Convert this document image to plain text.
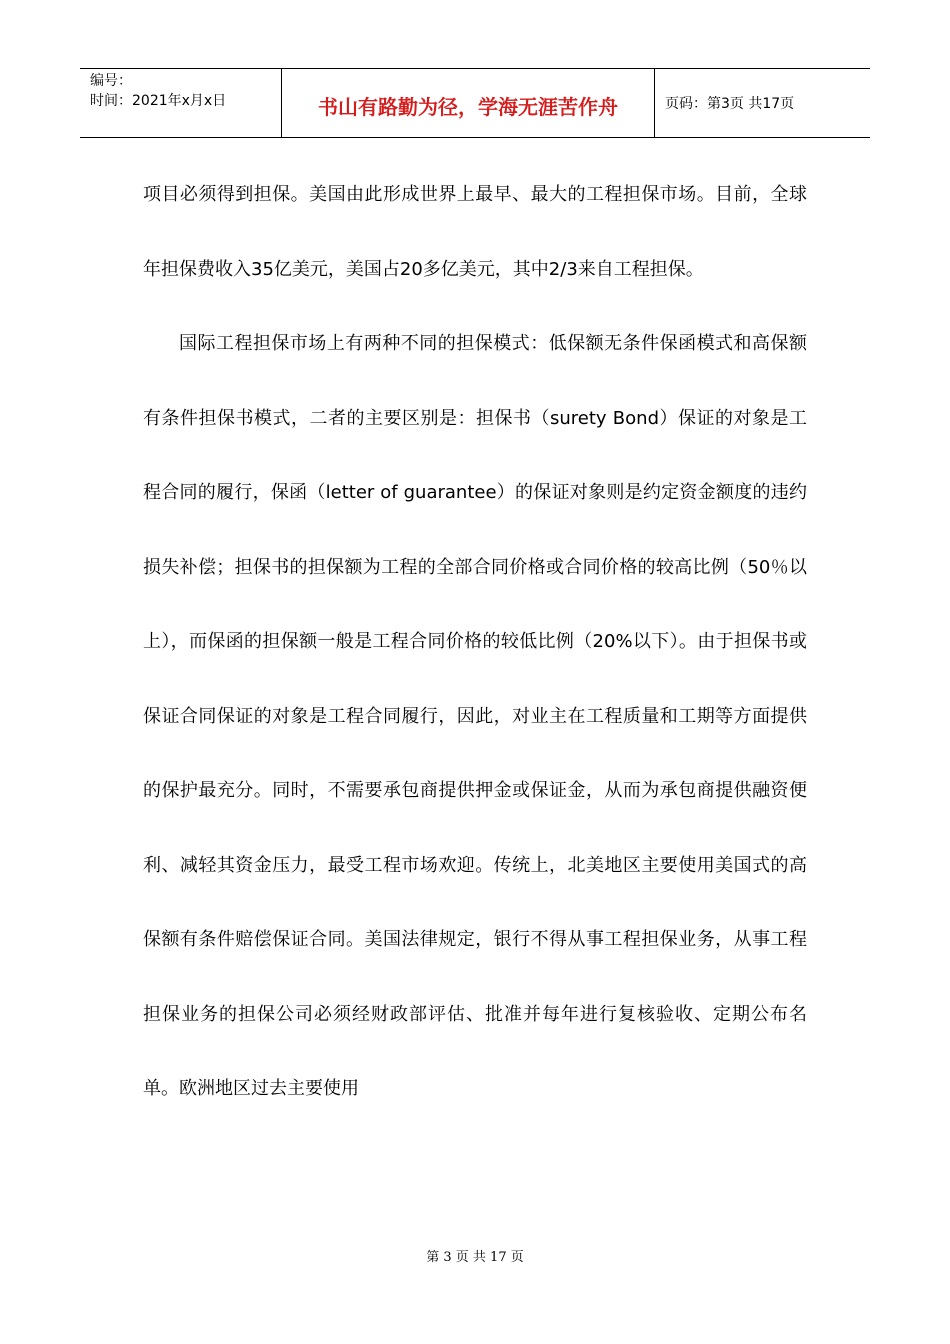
编号：
时间：2021年x月x日	书山有路勤为径，学海无涯苦作舟	页码：第3页 共17页

项目必须得到担保。美国由此形成世界上最早、最大的工程担保市场。目前，全球年担保费收入35亿美元，美国占20多亿美元，其中2/3来自工程担保。

国际工程担保市场上有两种不同的担保模式：低保额无条件保函模式和高保额有条件担保书模式，二者的主要区别是：担保书（surety Bond）保证的对象是工程合同的履行，保函（letter of guarantee）的保证对象则是约定资金额度的违约损失补偿；担保书的担保额为工程的全部合同价格或合同价格的较高比例（50％以上），而保函的担保额一般是工程合同价格的较低比例（20%以下）。由于担保书或保证合同保证的对象是工程合同履行，因此，对业主在工程质量和工期等方面提供的保护最充分。同时，不需要承包商提供押金或保证金，从而为承包商提供融资便利、减轻其资金压力，最受工程市场欢迎。传统上，北美地区主要使用美国式的高保额有条件赔偿保证合同。美国法律规定，银行不得从事工程担保业务，从事工程担保业务的担保公司必须经财政部评估、批准并每年进行复核验收、定期公布名单。欧洲地区过去主要使用

第 3 页 共 17 页
